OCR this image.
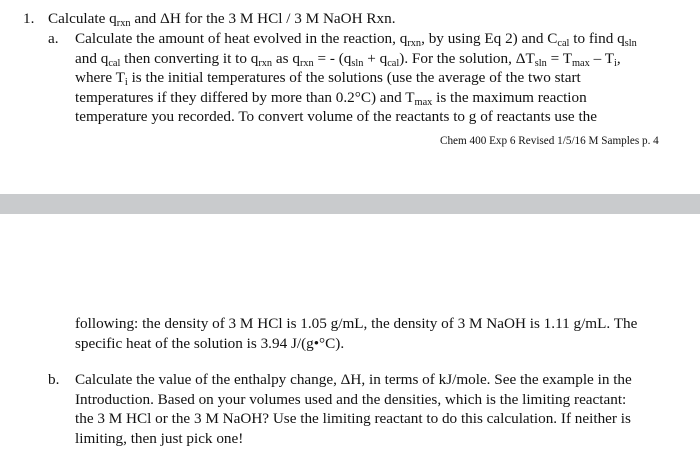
1. Calculate $q_{rxn}$ and ΔH for the 3 M HCl / 3 M NaOH Rxn.
a. Calculate the amount of heat evolved in the reaction, $q_{rxn}$, by using Eq 2) and $C_{cal}$ to find $q_{sln}$
and $q_{cal}$ then converting it to $q_{rxn}$ as $q_{rxn}$ = - $(q_{sln} + q_{cal})$. For the solution, $\Delta T_{sln} = T_{max} - T_i$,
where $T_i$ is the initial temperatures of the solutions (use the average of the two start
temperatures if they differed by more than 0.2°C) and $T_{max}$ is the maximum reaction
temperature you recorded. To convert volume of the reactants to g of reactants use the
Chem 400 Exp 6 Revised 1/5/16 M Samples p. 4
following: the density of 3 M HCl is 1.05 g/mL, the density of 3 M NaOH is 1.11 g/mL. The
specific heat of the solution is 3.94 J/(g•°C).
b. Calculate the value of the enthalpy change, ΔH, in terms of kJ/mole. See the example in the
Introduction. Based on your volumes used and the densities, which is the limiting reactant:
the 3 M HCl or the 3 M NaOH? Use the limiting reactant to do this calculation. If neither is
limiting, then just pick one!
